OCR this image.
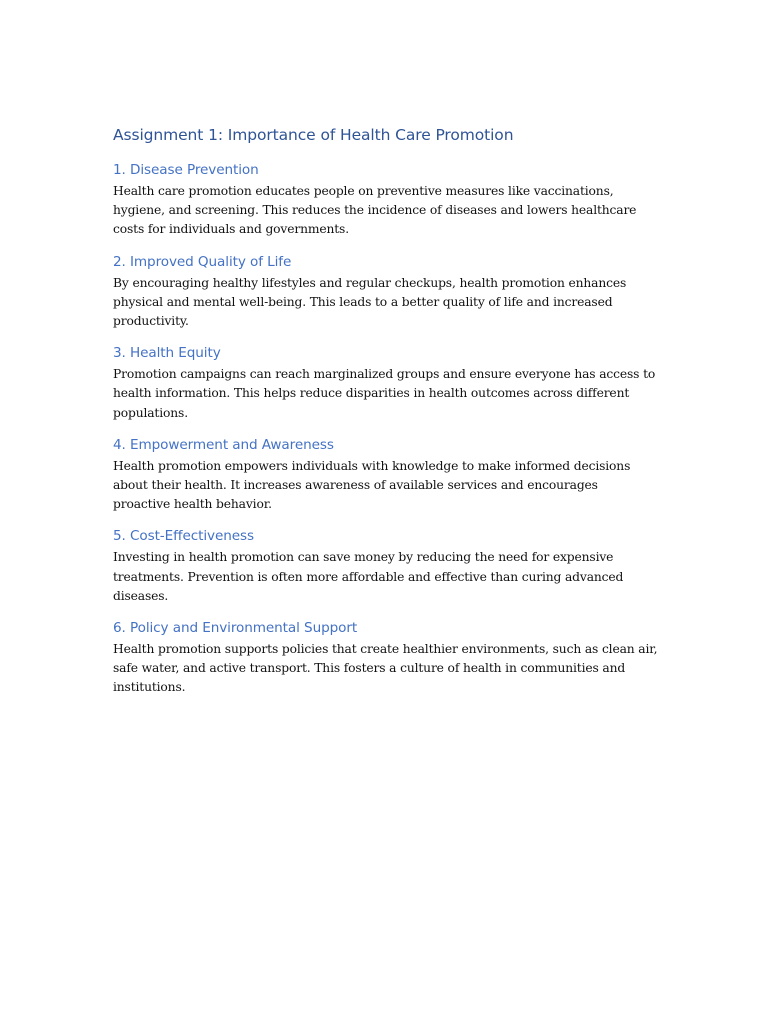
Assignment 1: Importance of Health Care Promotion
1. Disease Prevention

Health care promotion educates people on preventive measures like vaccinations, hygiene, and screening. This reduces the incidence of diseases and lowers healthcare costs for individuals and governments.

2. Improved Quality of Life

By encouraging healthy lifestyles and regular checkups, health promotion enhances physical and mental well-being. This leads to a better quality of life and increased productivity.

3. Health Equity

Promotion campaigns can reach marginalized groups and ensure everyone has access to health information. This helps reduce disparities in health outcomes across different populations.

4. Empowerment and Awareness

Health promotion empowers individuals with knowledge to make informed decisions about their health. It increases awareness of available services and encourages proactive health behavior.

5. Cost-Effectiveness

Investing in health promotion can save money by reducing the need for expensive treatments. Prevention is often more affordable and effective than curing advanced diseases.

6. Policy and Environmental Support

Health promotion supports policies that create healthier environments, such as clean air, safe water, and active transport. This fosters a culture of health in communities and institutions.
